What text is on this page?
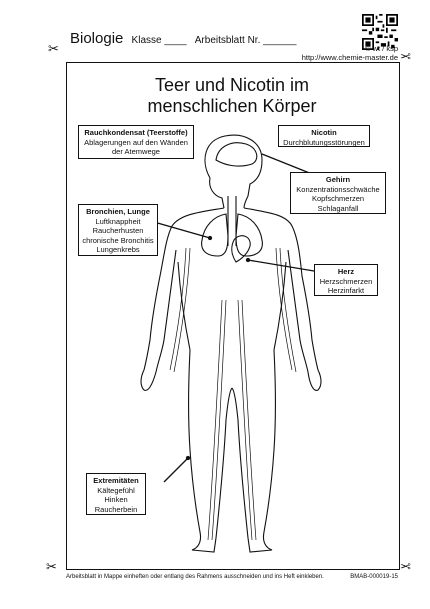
Biologie Klasse ____ Arbeitsblatt Nr. ______
© wt / ksp
http://www.chemie-master.de
✂
✂
✂	✂
Teer und Nicotin im
menschlichen Körper
Rauchkondensat (Teerstoffe)
Ablagerungen auf den Wänden
der Atemwege
Nicotin
Durchblutungsstörungen
Gehirn
Konzentrationsschwäche
Kopfschmerzen
Schlaganfall
Bronchien, Lunge
Luftknappheit
Raucherhusten
chronische Bronchitis
Lungenkrebs
Herz
Herzschmerzen
Herzinfarkt
Extremitäten
Kältegefühl
Hinken
Raucherbein
Arbeitsblatt in Mappe einheften oder entlang des Rahmens ausschneiden und ins Heft einkleben.	BMAB-000019-15
